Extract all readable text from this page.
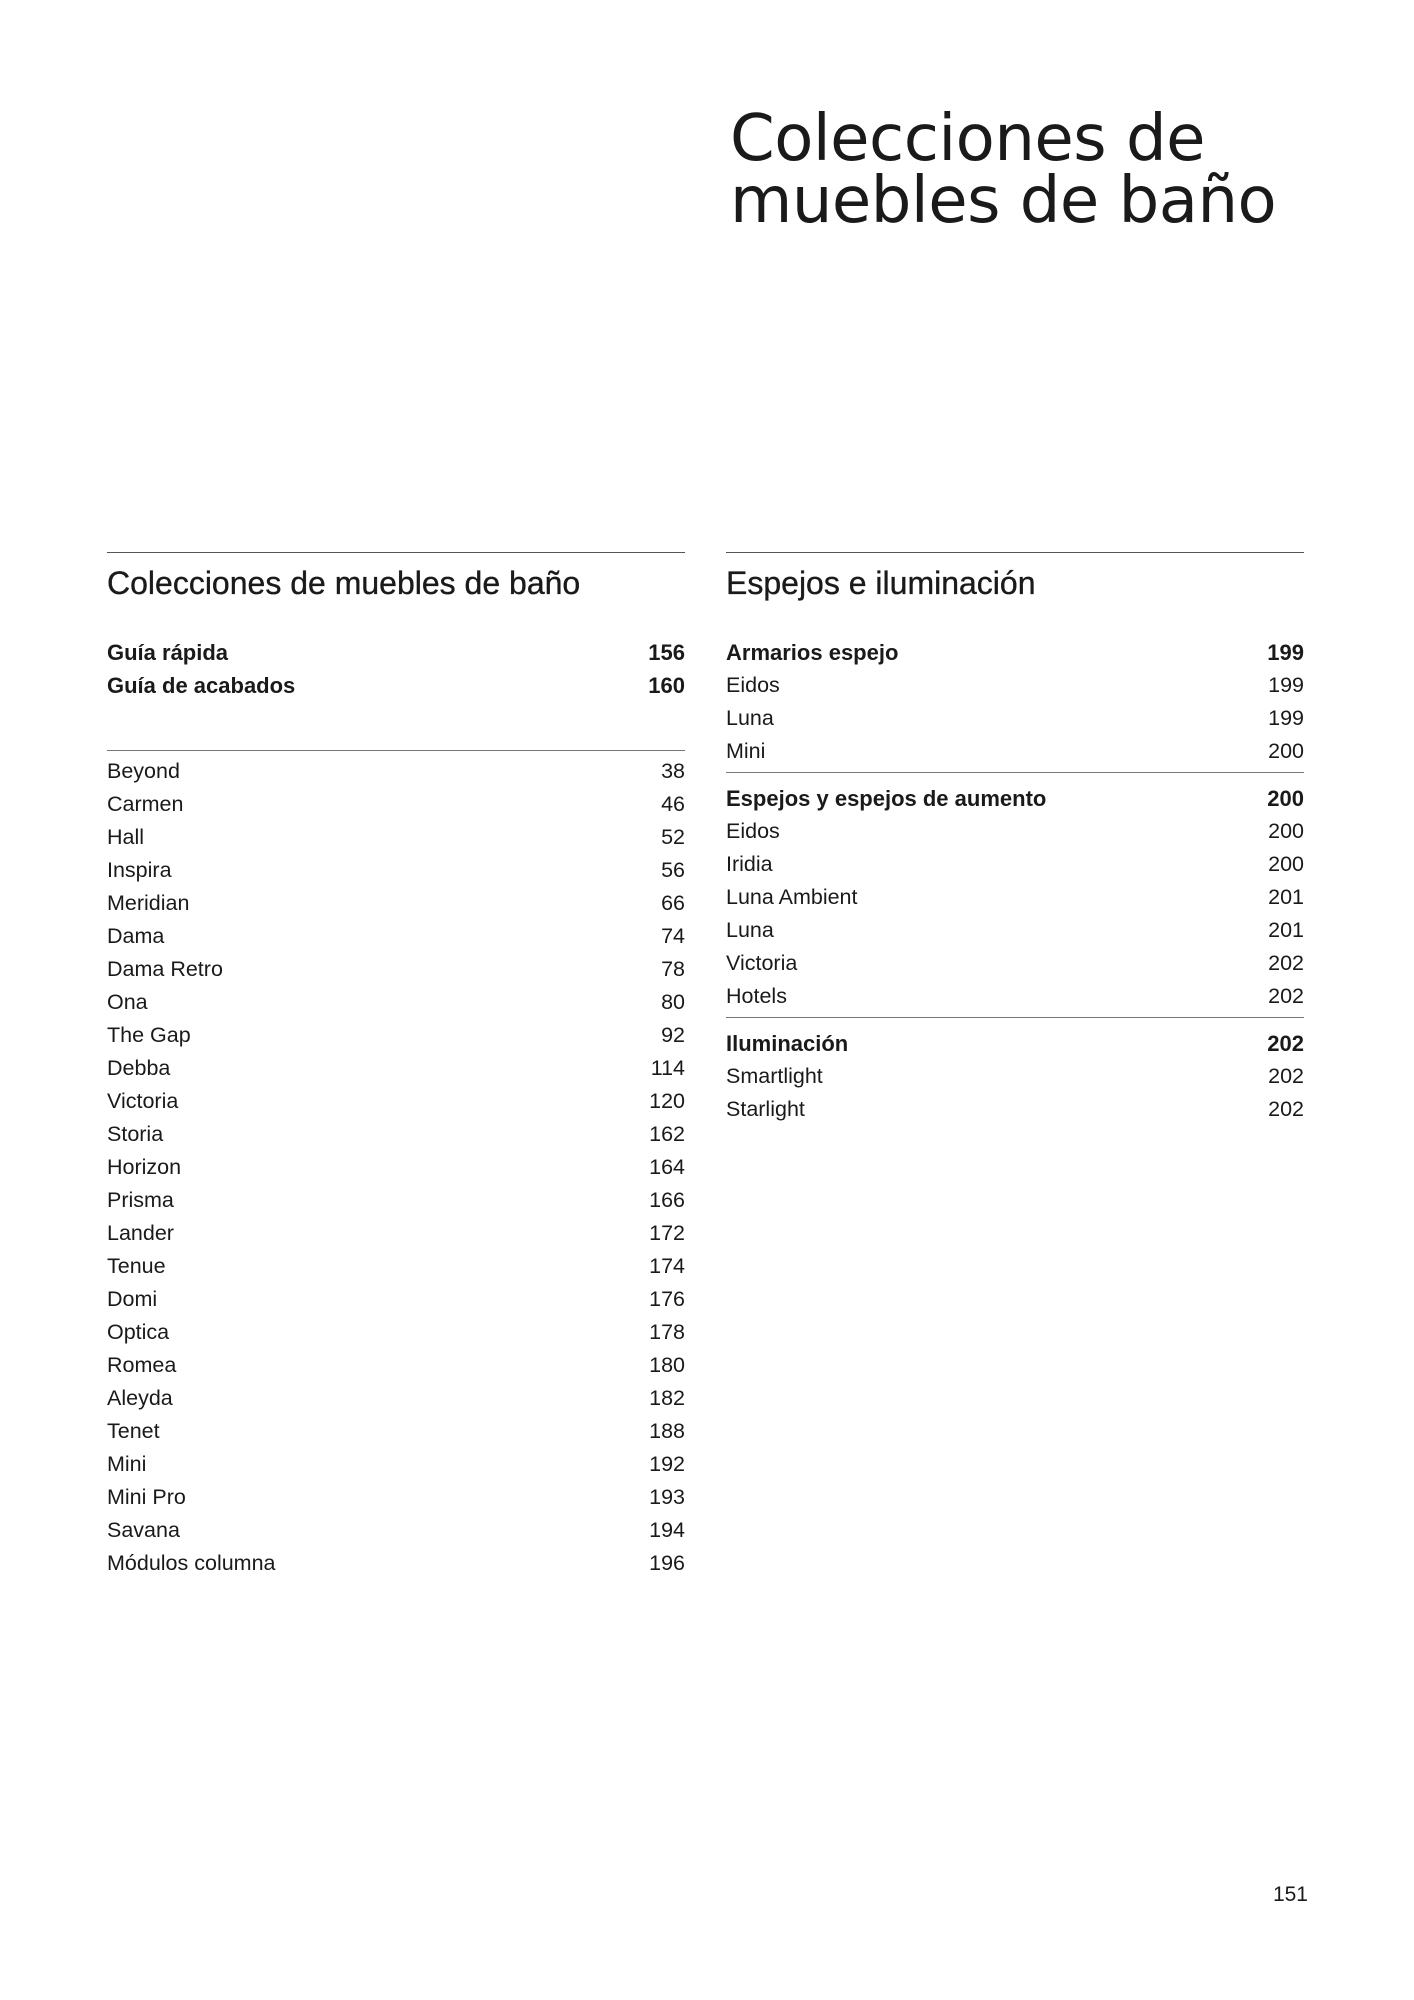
Colecciones de
muebles de baño
Colecciones de muebles de baño
Guía rápida	156
Guía de acabados	160
Beyond	38
Carmen	46
Hall	52
Inspira	56
Meridian	66
Dama	74
Dama Retro	78
Ona	80
The Gap	92
Debba	114
Victoria	120
Storia	162
Horizon	164
Prisma	166
Lander	172
Tenue	174
Domi	176
Optica	178
Romea	180
Aleyda	182
Tenet	188
Mini	192
Mini Pro	193
Savana	194
Módulos columna	196
Espejos e iluminación
Armarios espejo	199
Eidos	199
Luna	199
Mini	200
Espejos y espejos de aumento	200
Eidos	200
Iridia	200
Luna Ambient	201
Luna	201
Victoria	202
Hotels	202
Iluminación	202
Smartlight	202
Starlight	202
151
